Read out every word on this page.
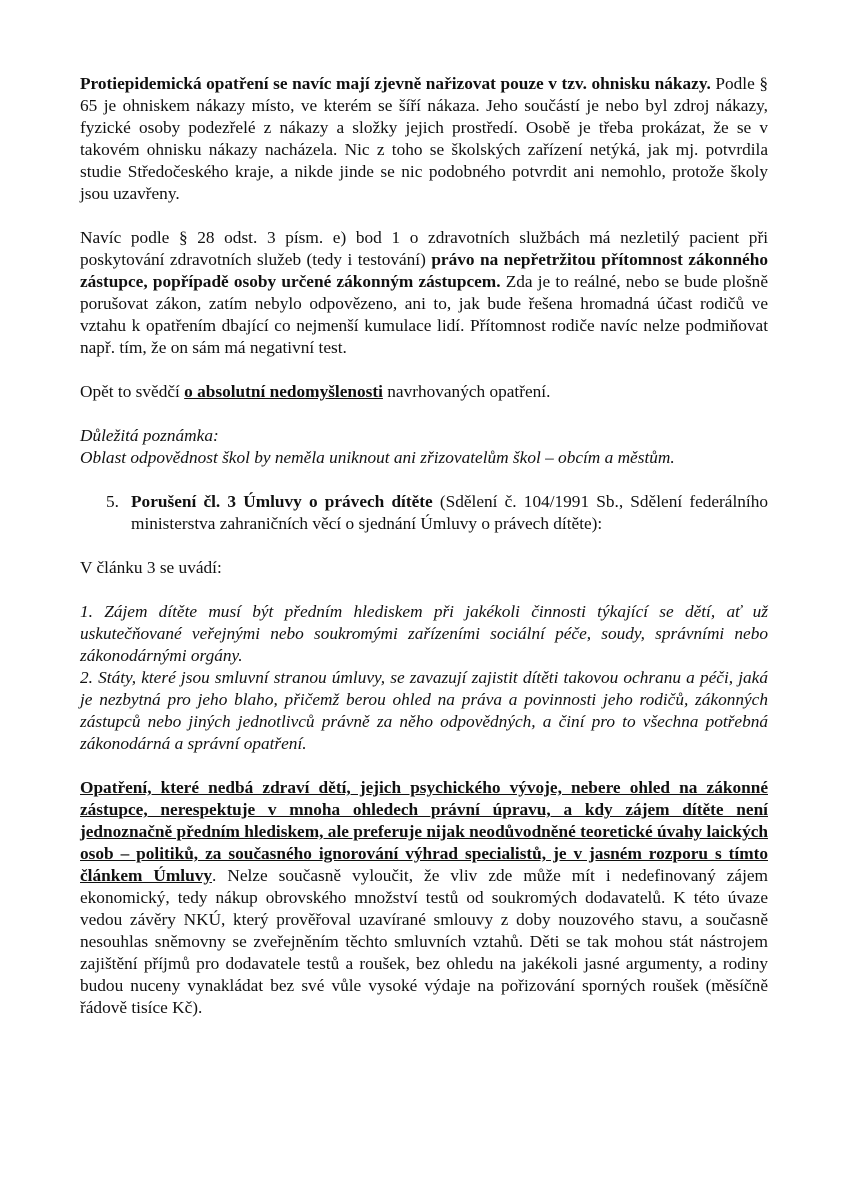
Protiepidemická opatření se navíc mají zjevně nařizovat pouze v tzv. ohnisku nákazy. Podle § 65 je ohniskem nákazy místo, ve kterém se šíří nákaza. Jeho součástí je nebo byl zdroj nákazy, fyzické osoby podezřelé z nákazy a složky jejich prostředí. Osobě je třeba prokázat, že se v takovém ohnisku nákazy nacházela. Nic z toho se školských zařízení netýká, jak mj. potvrdila studie Středočeského kraje, a nikde jinde se nic podobného potvrdit ani nemohlo, protože školy jsou uzavřeny.

Navíc podle § 28 odst. 3 písm. e) bod 1 o zdravotních službách má nezletilý pacient při poskytování zdravotních služeb (tedy i testování) právo na nepřetržitou přítomnost zákonného zástupce, popřípadě osoby určené zákonným zástupcem. Zda je to reálné, nebo se bude plošně porušovat zákon, zatím nebylo odpovězeno, ani to, jak bude řešena hromadná účast rodičů ve vztahu k opatřením dbající co nejmenší kumulace lidí. Přítomnost rodiče navíc nelze podmiňovat např. tím, že on sám má negativní test.

Opět to svědčí o absolutní nedomyšlenosti navrhovaných opatření.

Důležitá poznámka:

Oblast odpovědnost škol by neměla uniknout ani zřizovatelům škol – obcím a městům.

5. Porušení čl. 3 Úmluvy o právech dítěte (Sdělení č. 104/1991 Sb., Sdělení federálního ministerstva zahraničních věcí o sjednání Úmluvy o právech dítěte):

V článku 3 se uvádí:

1. Zájem dítěte musí být předním hlediskem při jakékoli činnosti týkající se dětí, ať už uskutečňované veřejnými nebo soukromými zařízeními sociální péče, soudy, správními nebo zákonodárnými orgány.

2. Státy, které jsou smluvní stranou úmluvy, se zavazují zajistit dítěti takovou ochranu a péči, jaká je nezbytná pro jeho blaho, přičemž berou ohled na práva a povinnosti jeho rodičů, zákonných zástupců nebo jiných jednotlivců právně za něho odpovědných, a činí pro to všechna potřebná zákonodárná a správní opatření.

Opatření, které nedbá zdraví dětí, jejich psychického vývoje, nebere ohled na zákonné zástupce, nerespektuje v mnoha ohledech právní úpravu, a kdy zájem dítěte není jednoznačně předním hlediskem, ale preferuje nijak neodůvodněné teoretické úvahy laických osob – politiků, za současného ignorování výhrad specialistů, je v jasném rozporu s tímto článkem Úmluvy. Nelze současně vyloučit, že vliv zde může mít i nedefinovaný zájem ekonomický, tedy nákup obrovského množství testů od soukromých dodavatelů. K této úvaze vedou závěry NKÚ, který prověřoval uzavírané smlouvy z doby nouzového stavu, a současně nesouhlas sněmovny se zveřejněním těchto smluvních vztahů. Děti se tak mohou stát nástrojem zajištění příjmů pro dodavatele testů a roušek, bez ohledu na jakékoli jasné argumenty, a rodiny budou nuceny vynakládat bez své vůle vysoké výdaje na pořizování sporných roušek (měsíčně řádově tisíce Kč).
